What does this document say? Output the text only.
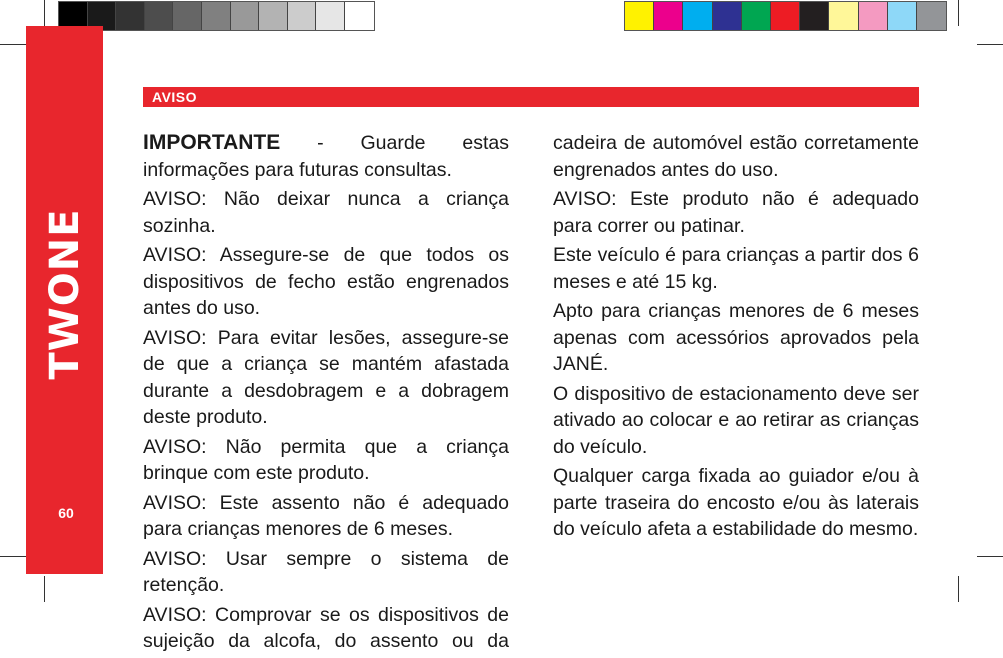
TWONE
60
AVISO

IMPORTANTE - Guarde estas informações para futuras consultas.

AVISO: Não deixar nunca a criança sozinha.

AVISO: Assegure-se de que todos os dispositivos de fecho estão engrenados antes do uso.

AVISO: Para evitar lesões, assegure-se de que a criança se mantém afastada durante a desdobragem e a dobragem deste produto.

AVISO: Não permita que a criança brinque com este produto.

AVISO: Este assento não é adequado para crianças menores de 6 meses.

AVISO: Usar sempre o sistema de retenção.

AVISO: Comprovar se os dispositivos de sujeição da alcofa, do assento ou da

cadeira de automóvel estão corretamente engrenados antes do uso.

AVISO: Este produto não é adequado para correr ou patinar.

Este veículo é para crianças a partir dos 6 meses e até 15 kg.

Apto para crianças menores de 6 meses apenas com acessórios aprovados pela JANÉ.

O dispositivo de estacionamento deve ser ativado ao colocar e ao retirar as crianças do veículo.

Qualquer carga fixada ao guiador e/ou à parte traseira do encosto e/ou às laterais do veículo afeta a estabilidade do mesmo.
